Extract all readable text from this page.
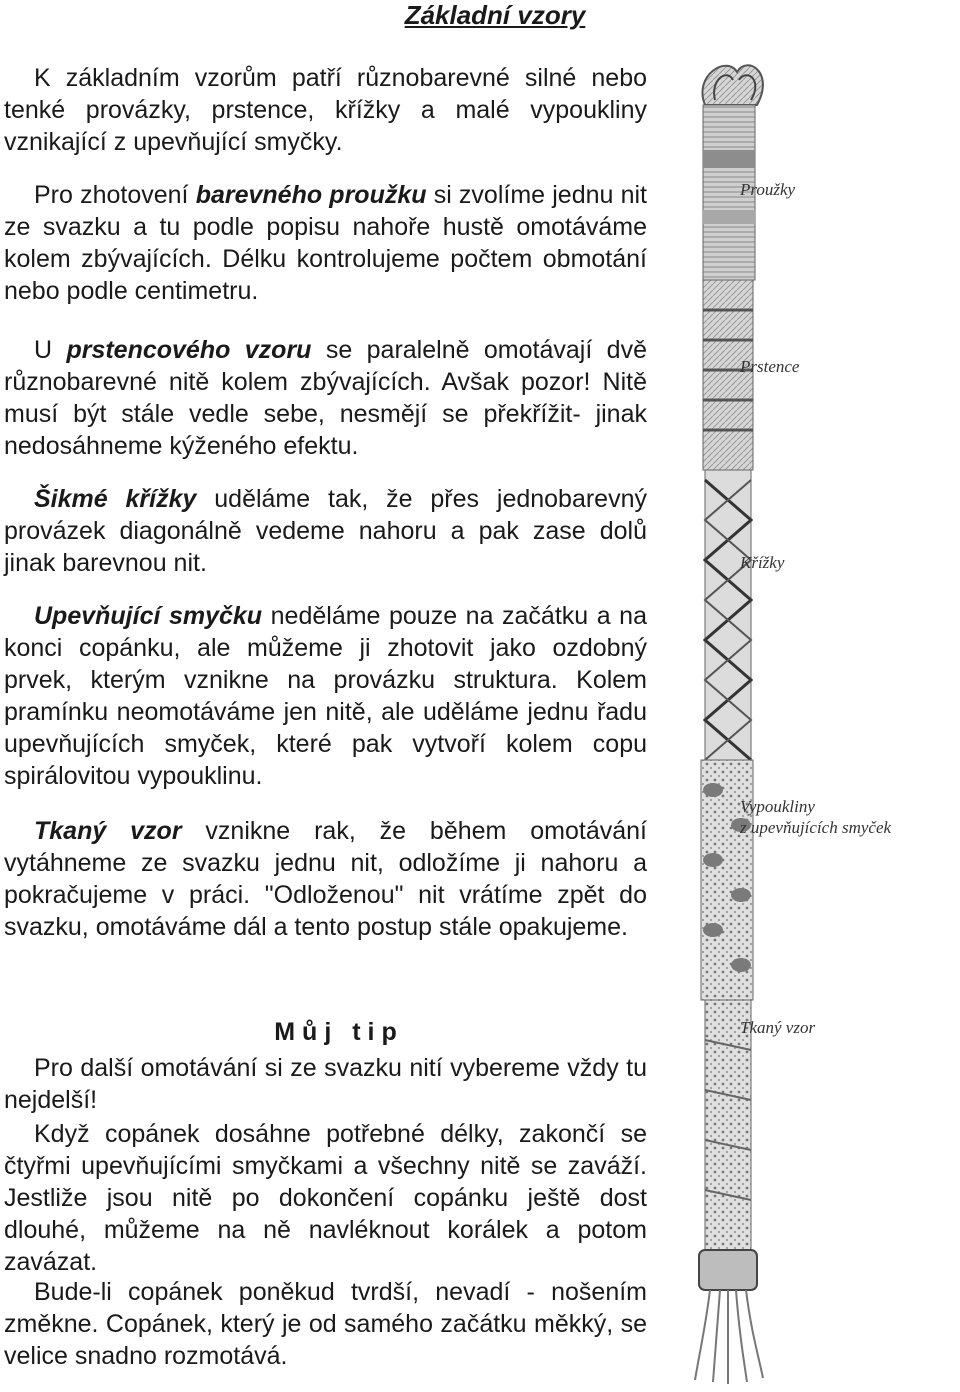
Základní vzory

K základním vzorům patří různobarevné silné nebo tenké provázky, prstence, křížky a malé vypoukliny vznikající z upevňující smyčky.

Pro zhotovení barevného proužku si zvolíme jednu nit ze svazku a tu podle popisu nahoře hustě omotáváme kolem zbývajících. Délku kontrolujeme počtem obmotání nebo podle centimetru.

U prstencového vzoru se paralelně omotávají dvě různobarevné nitě kolem zbývajících. Avšak pozor! Nitě musí být stále vedle sebe, nesmějí se překřížit- jinak nedosáhneme kýženého efektu.

Šikmé křížky uděláme tak, že přes jednobarevný provázek diagonálně vedeme nahoru a pak zase dolů jinak barevnou nit.

Upevňující smyčku neděláme pouze na začátku a na konci copánku, ale můžeme ji zhotovit jako ozdobný prvek, kterým vznikne na provázku struktura. Kolem pramínku neomotáváme jen nitě, ale uděláme jednu řadu upevňujících smyček, které pak vytvoří kolem copu spirálovitou vypouklinu.

Tkaný vzor vznikne rak, že během omotávání vytáhneme ze svazku jednu nit, odložíme ji nahoru a pokračujeme v práci. "Odloženou" nit vrátíme zpět do svazku, omotáváme dál a tento postup stále opakujeme.

Pro další omotávání si ze svazku nití vybereme vždy tu nejdelší!

Když copánek dosáhne potřebné délky, zakončí se čtyřmi upevňujícími smyčkami a všechny nitě se zaváží. Jestliže jsou nitě po dokončení copánku ještě dost dlouhé, můžeme na ně navléknout korálek a potom zavázat.

Bude-li copánek poněkud tvrdší, nevadí - nošením změkne. Copánek, který je od samého začátku měkký, se velice snadno rozmotává.

Můj tip
Proužky
Prstence
Křížky
Vypoukliny
z upevňujících smyček
Tkaný vzor
